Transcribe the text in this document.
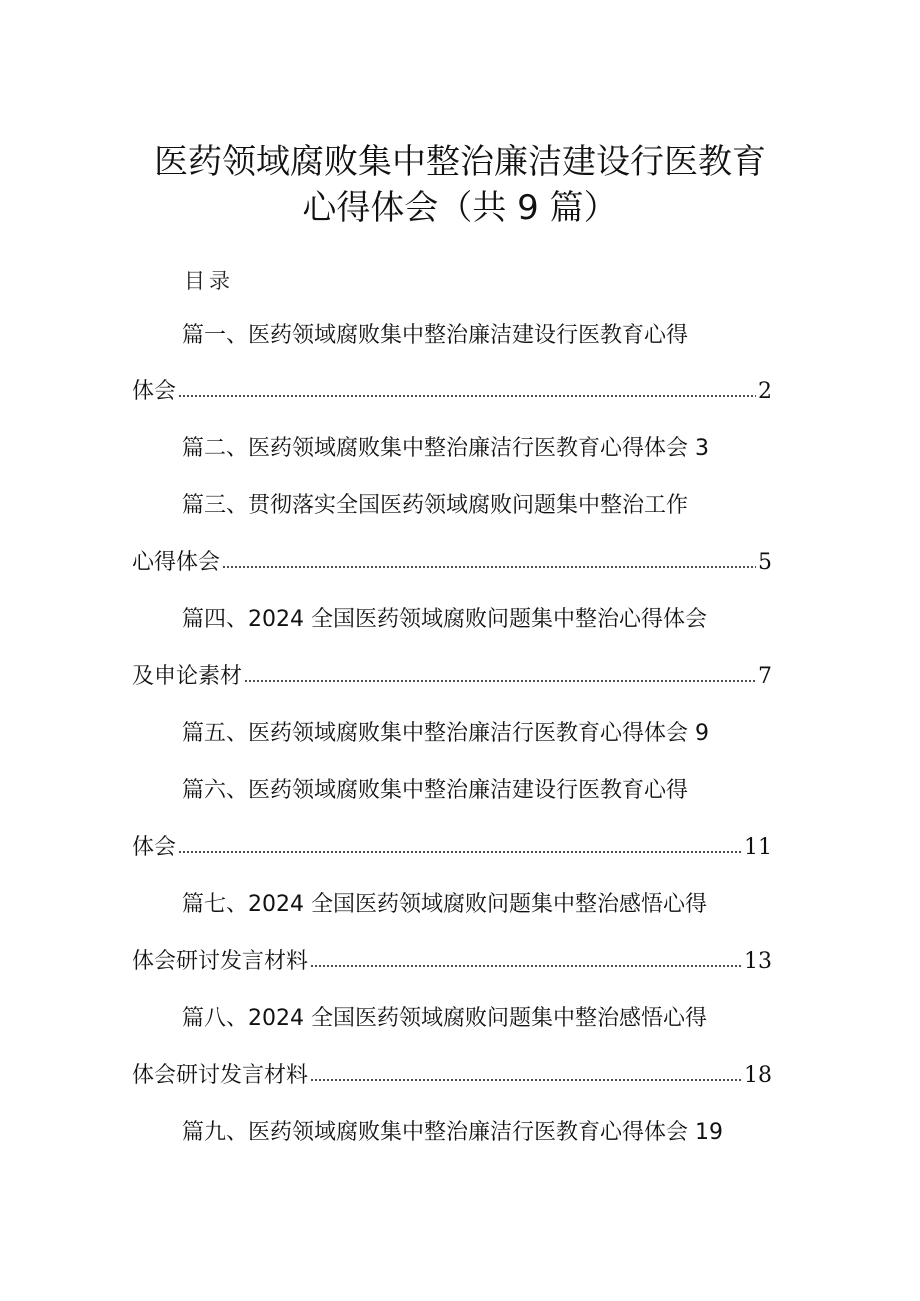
医药领域腐败集中整治廉洁建设行医教育
心得体会（共 9 篇）
目录
篇一、医药领域腐败集中整治廉洁建设行医教育心得
体会	2
篇二、医药领域腐败集中整治廉洁行医教育心得体会 3
篇三、贯彻落实全国医药领域腐败问题集中整治工作
心得体会	5
篇四、2024 全国医药领域腐败问题集中整治心得体会
及申论素材	7
篇五、医药领域腐败集中整治廉洁行医教育心得体会 9
篇六、医药领域腐败集中整治廉洁建设行医教育心得
体会	11
篇七、2024 全国医药领域腐败问题集中整治感悟心得
体会研讨发言材料	13
篇八、2024 全国医药领域腐败问题集中整治感悟心得
体会研讨发言材料	18
篇九、医药领域腐败集中整治廉洁行医教育心得体会 19
